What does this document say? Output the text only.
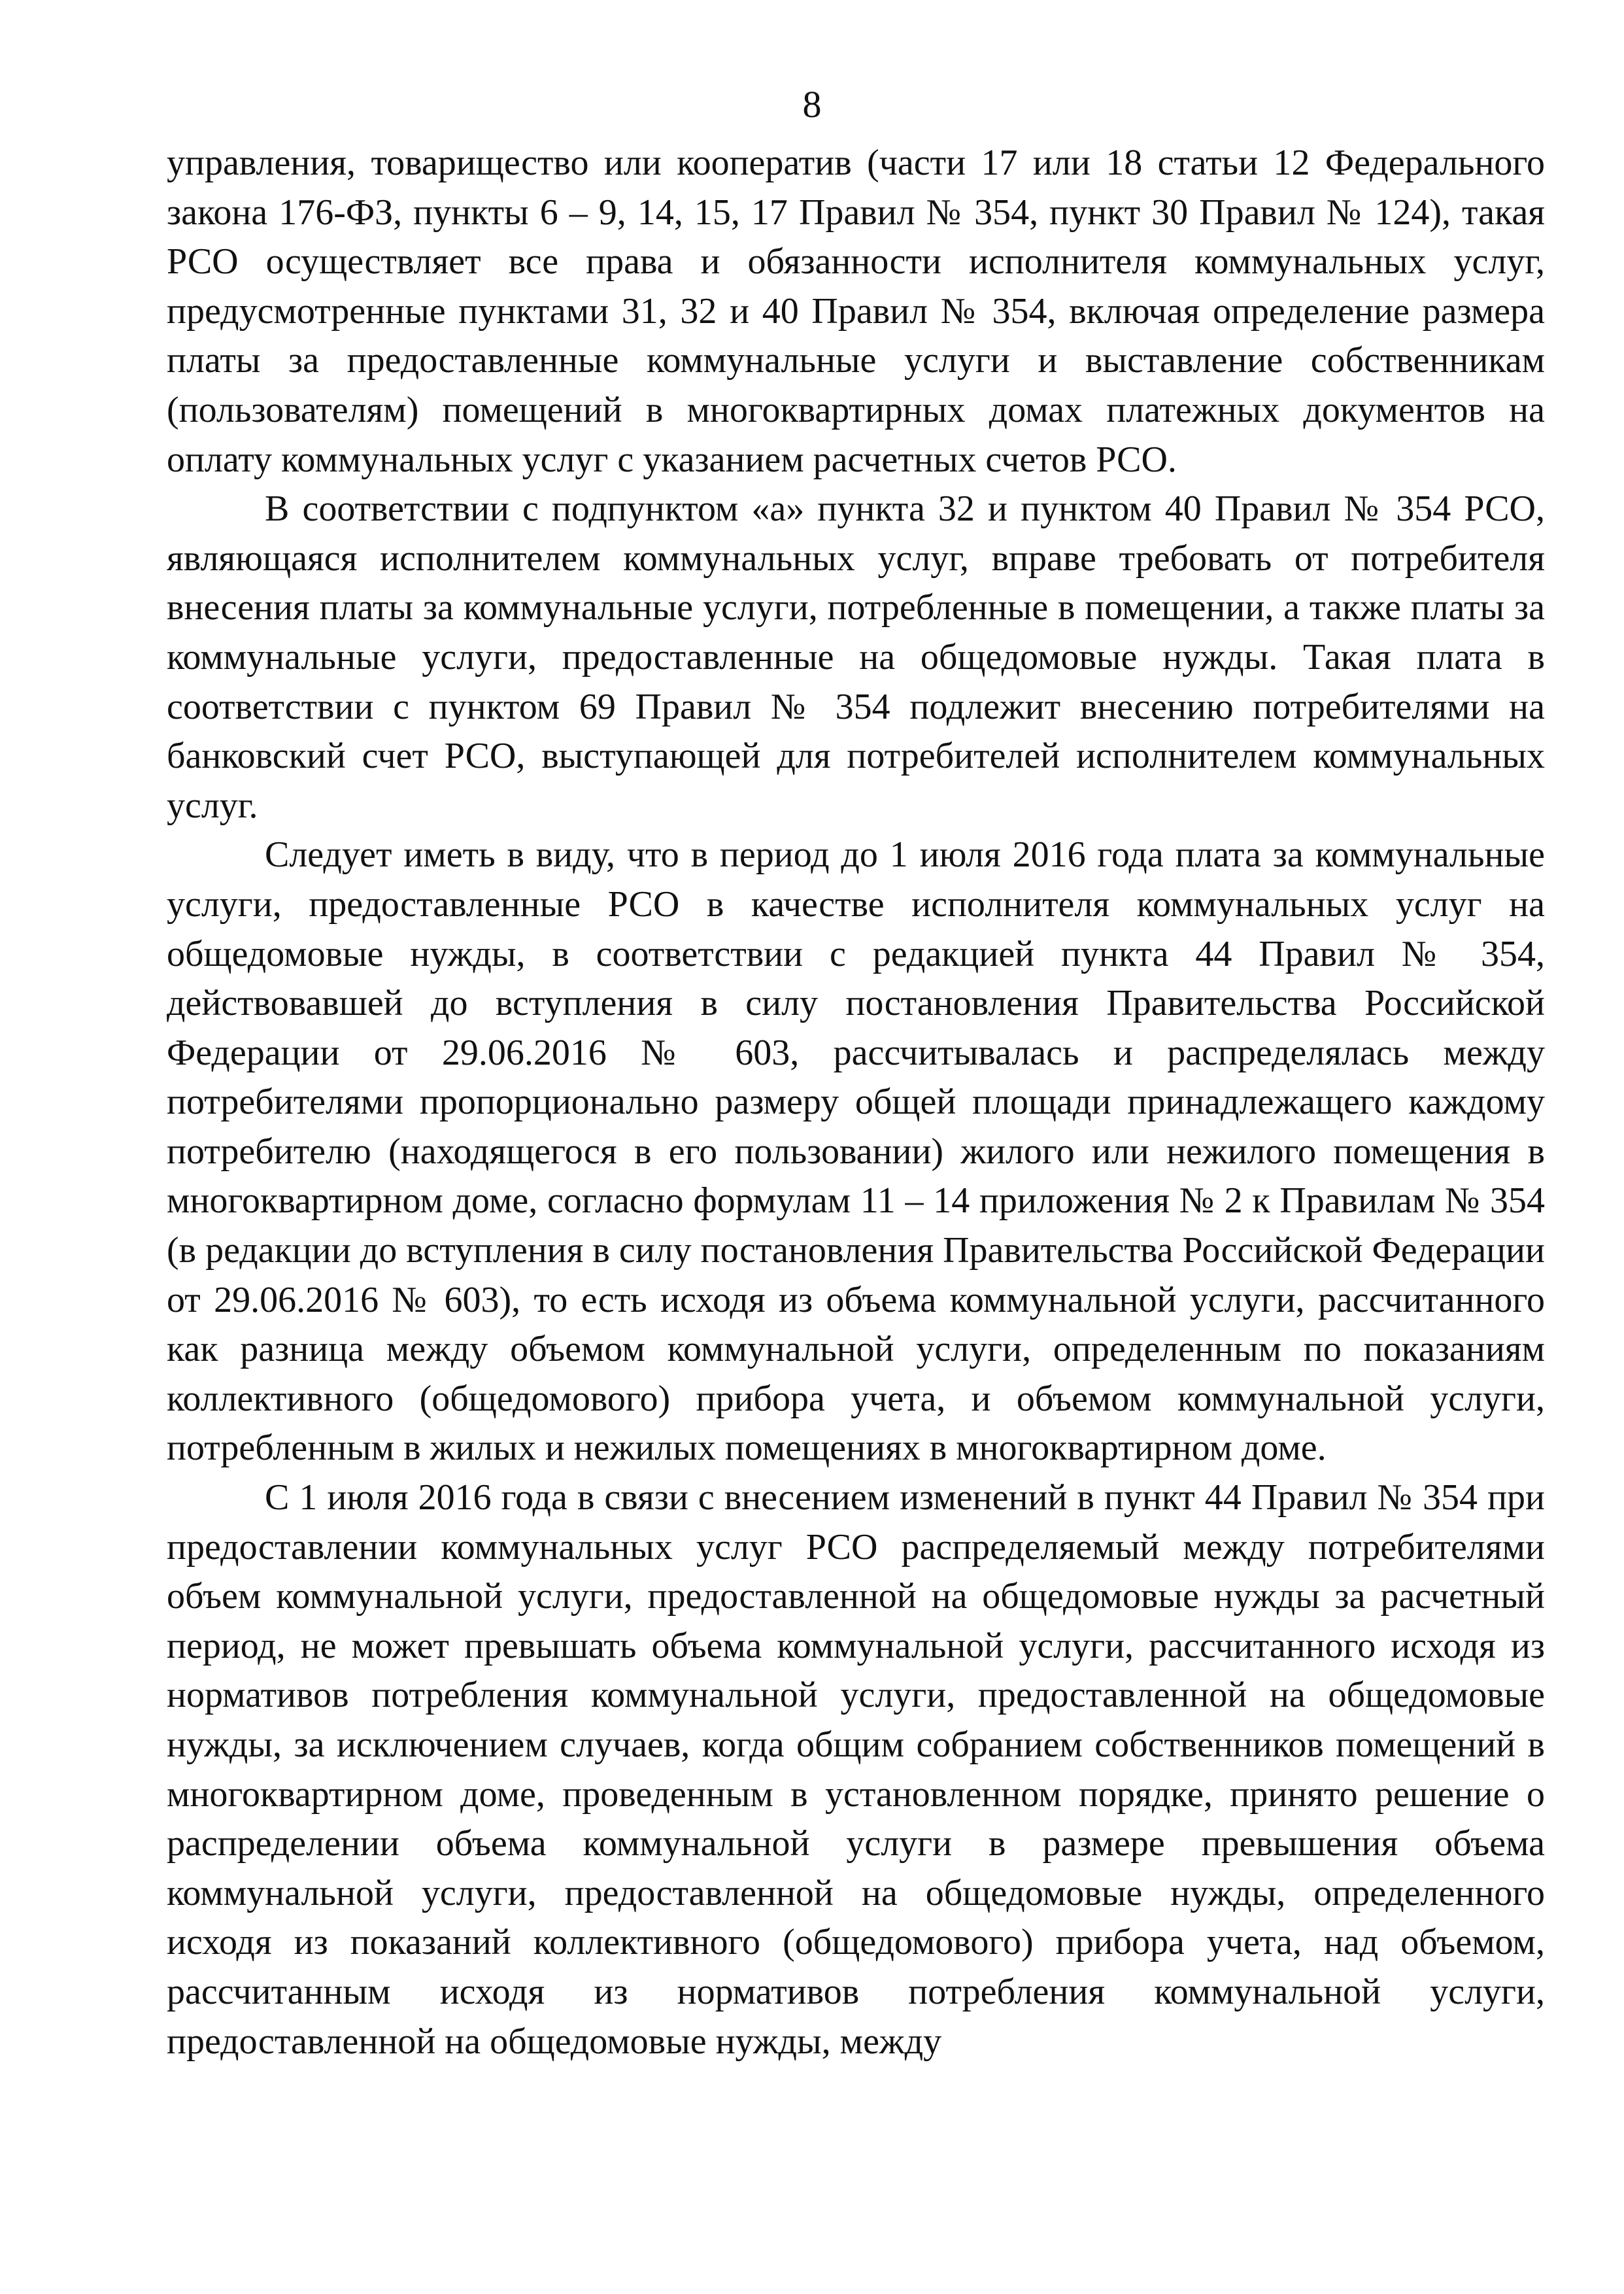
8

управления, товарищество или кооператив (части 17 или 18 статьи 12 Федерального закона 176-ФЗ, пункты 6 – 9, 14, 15, 17 Правил № 354, пункт 30 Правил № 124), такая РСО осуществляет все права и обязанности исполнителя коммунальных услуг, предусмотренные пунктами 31, 32 и 40 Правил № 354, включая определение размера платы за предоставленные коммунальные услуги и выставление собственникам (пользователям) помещений в многоквартирных домах платежных документов на оплату коммунальных услуг с указанием расчетных счетов РСО.

В соответствии с подпунктом «а» пункта 32 и пунктом 40 Правил № 354 РСО, являющаяся исполнителем коммунальных услуг, вправе требовать от потребителя внесения платы за коммунальные услуги, потребленные в помещении, а также платы за коммунальные услуги, предоставленные на общедомовые нужды. Такая плата в соответствии с пунктом 69 Правил № 354 подлежит внесению потребителями на банковский счет РСО, выступающей для потребителей исполнителем коммунальных услуг.

Следует иметь в виду, что в период до 1 июля 2016 года плата за коммунальные услуги, предоставленные РСО в качестве исполнителя коммунальных услуг на общедомовые нужды, в соответствии с редакцией пункта 44 Правил № 354, действовавшей до вступления в силу постановления Правительства Российской Федерации от 29.06.2016 № 603, рассчитывалась и распределялась между потребителями пропорционально размеру общей площади принадлежащего каждому потребителю (находящегося в его пользовании) жилого или нежилого помещения в многоквартирном доме, согласно формулам 11 – 14 приложения № 2 к Правилам № 354 (в редакции до вступления в силу постановления Правительства Российской Федерации от 29.06.2016 № 603), то есть исходя из объема коммунальной услуги, рассчитанного как разница между объемом коммунальной услуги, определенным по показаниям коллективного (общедомового) прибора учета, и объемом коммунальной услуги, потребленным в жилых и нежилых помещениях в многоквартирном доме.

С 1 июля 2016 года в связи с внесением изменений в пункт 44 Правил № 354 при предоставлении коммунальных услуг РСО распределяемый между потребителями объем коммунальной услуги, предоставленной на общедомовые нужды за расчетный период, не может превышать объема коммунальной услуги, рассчитанного исходя из нормативов потребления коммунальной услуги, предоставленной на общедомовые нужды, за исключением случаев, когда общим собранием собственников помещений в многоквартирном доме, проведенным в установленном порядке, принято решение о распределении объема коммунальной услуги в размере превышения объема коммунальной услуги, предоставленной на общедомовые нужды, определенного исходя из показаний коллективного (общедомового) прибора учета, над объемом, рассчитанным исходя из нормативов потребления коммунальной услуги, предоставленной на общедомовые нужды, между
